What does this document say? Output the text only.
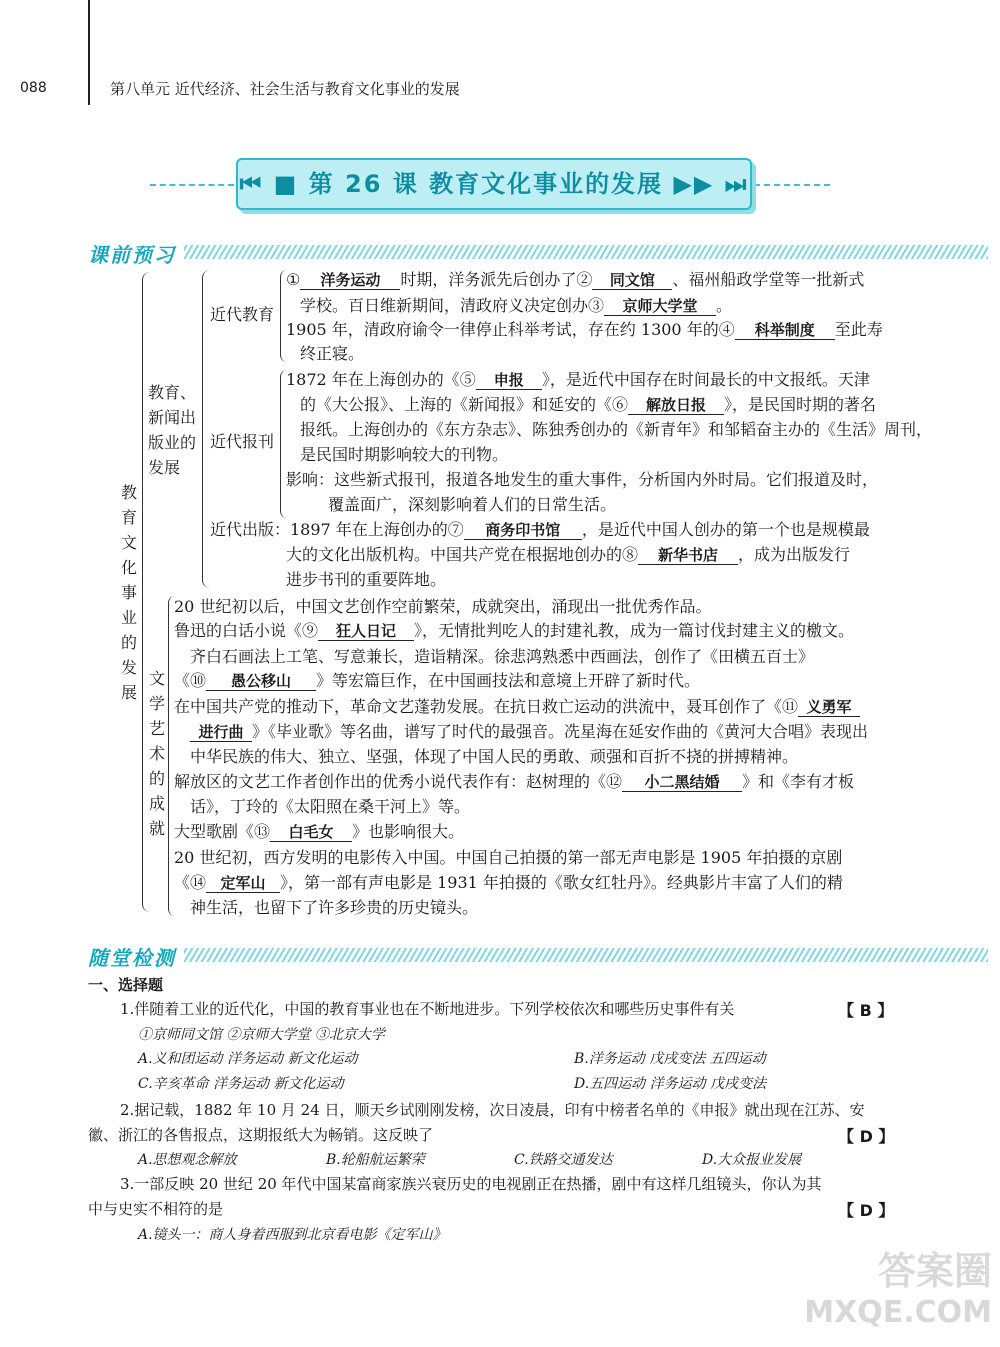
088	第八单元 近代经济、社会生活与教育文化事业的发展
⏮ ■ 第 26 课 教育文化事业的发展 ▶▶ ⏭
课前预习
教
育
文
化
事
业
的
发
展
教育、新闻出版业的发展
近代教育
① 洋务运动 时期，洋务派先后创办了② 同文馆 、福州船政学堂等一批新式
学校。百日维新期间，清政府义决定创办③ 京师大学堂 。
1905 年，清政府谕令一律停止科举考试，存在约 1300 年的④ 科举制度 至此寿
终正寝。
近代报刊
1872 年在上海创办的《⑤ 申报 》，是近代中国存在时间最长的中文报纸。天津
的《大公报》、上海的《新闻报》和延安的《⑥ 解放日报 》，是民国时期的著名
报纸。上海创办的《东方杂志》、陈独秀创办的《新青年》和邹韬奋主办的《生活》周刊，
是民国时期影响较大的刊物。
影响：这些新式报刊，报道各地发生的重大事件，分析国内外时局。它们报道及时，
覆盖面广，深刻影响着人们的日常生活。
近代出版：1897 年在上海创办的⑦ 商务印书馆 ，是近代中国人创办的第一个也是规模最
大的文化出版机构。中国共产党在根据地创办的⑧ 新华书店 ，成为出版发行
进步书刊的重要阵地。
文
学
艺
术
的
成
就
20 世纪初以后，中国文艺创作空前繁荣，成就突出，涌现出一批优秀作品。
鲁迅的白话小说《⑨ 狂人日记 》，无情批判吃人的封建礼教，成为一篇讨伐封建主义的檄文。
齐白石画法上工笔、写意兼长，造诣精深。徐悲鸿熟悉中西画法，创作了《田横五百士》
《⑩ 愚公移山 》等宏篇巨作，在中国画技法和意境上开辟了新时代。
在中国共产党的推动下，革命文艺蓬勃发展。在抗日救亡运动的洪流中，聂耳创作了《⑪ 义勇军
进行曲 》《毕业歌》等名曲，谱写了时代的最强音。冼星海在延安作曲的《黄河大合唱》表现出
中华民族的伟大、独立、坚强，体现了中国人民的勇敢、顽强和百折不挠的拼搏精神。
解放区的文艺工作者创作出的优秀小说代表作有：赵树理的《⑫ 小二黑结婚 》和《李有才板
话》，丁玲的《太阳照在桑干河上》等。
大型歌剧《⑬ 白毛女 》也影响很大。
20 世纪初，西方发明的电影传入中国。中国自己拍摄的第一部无声电影是 1905 年拍摄的京剧
《⑭ 定军山 》，第一部有声电影是 1931 年拍摄的《歌女红牡丹》。经典影片丰富了人们的精
神生活，也留下了许多珍贵的历史镜头。
随堂检测
一、选择题
1.伴随着工业的近代化，中国的教育事业也在不断地进步。下列学校依次和哪些历史事件有关	【 B 】
①京师同文馆 ②京师大学堂 ③北京大学
A.义和团运动 洋务运动 新文化运动	B.洋务运动 戊戌变法 五四运动
C.辛亥革命 洋务运动 新文化运动	D.五四运动 洋务运动 戊戌变法
2.据记载，1882 年 10 月 24 日，顺天乡试刚刚发榜，次日凌晨，印有中榜者名单的《申报》就出现在江苏、安
徽、浙江的各售报点，这期报纸大为畅销。这反映了	【 D 】
A.思想观念解放	B.轮船航运繁荣	C.铁路交通发达	D.大众报业发展
3.一部反映 20 世纪 20 年代中国某富商家族兴衰历史的电视剧正在热播，剧中有这样几组镜头，你认为其
中与史实不相符的是	【 D 】
A.镜头一：商人身着西服到北京看电影《定军山》
答案圈
MXQE.COM
